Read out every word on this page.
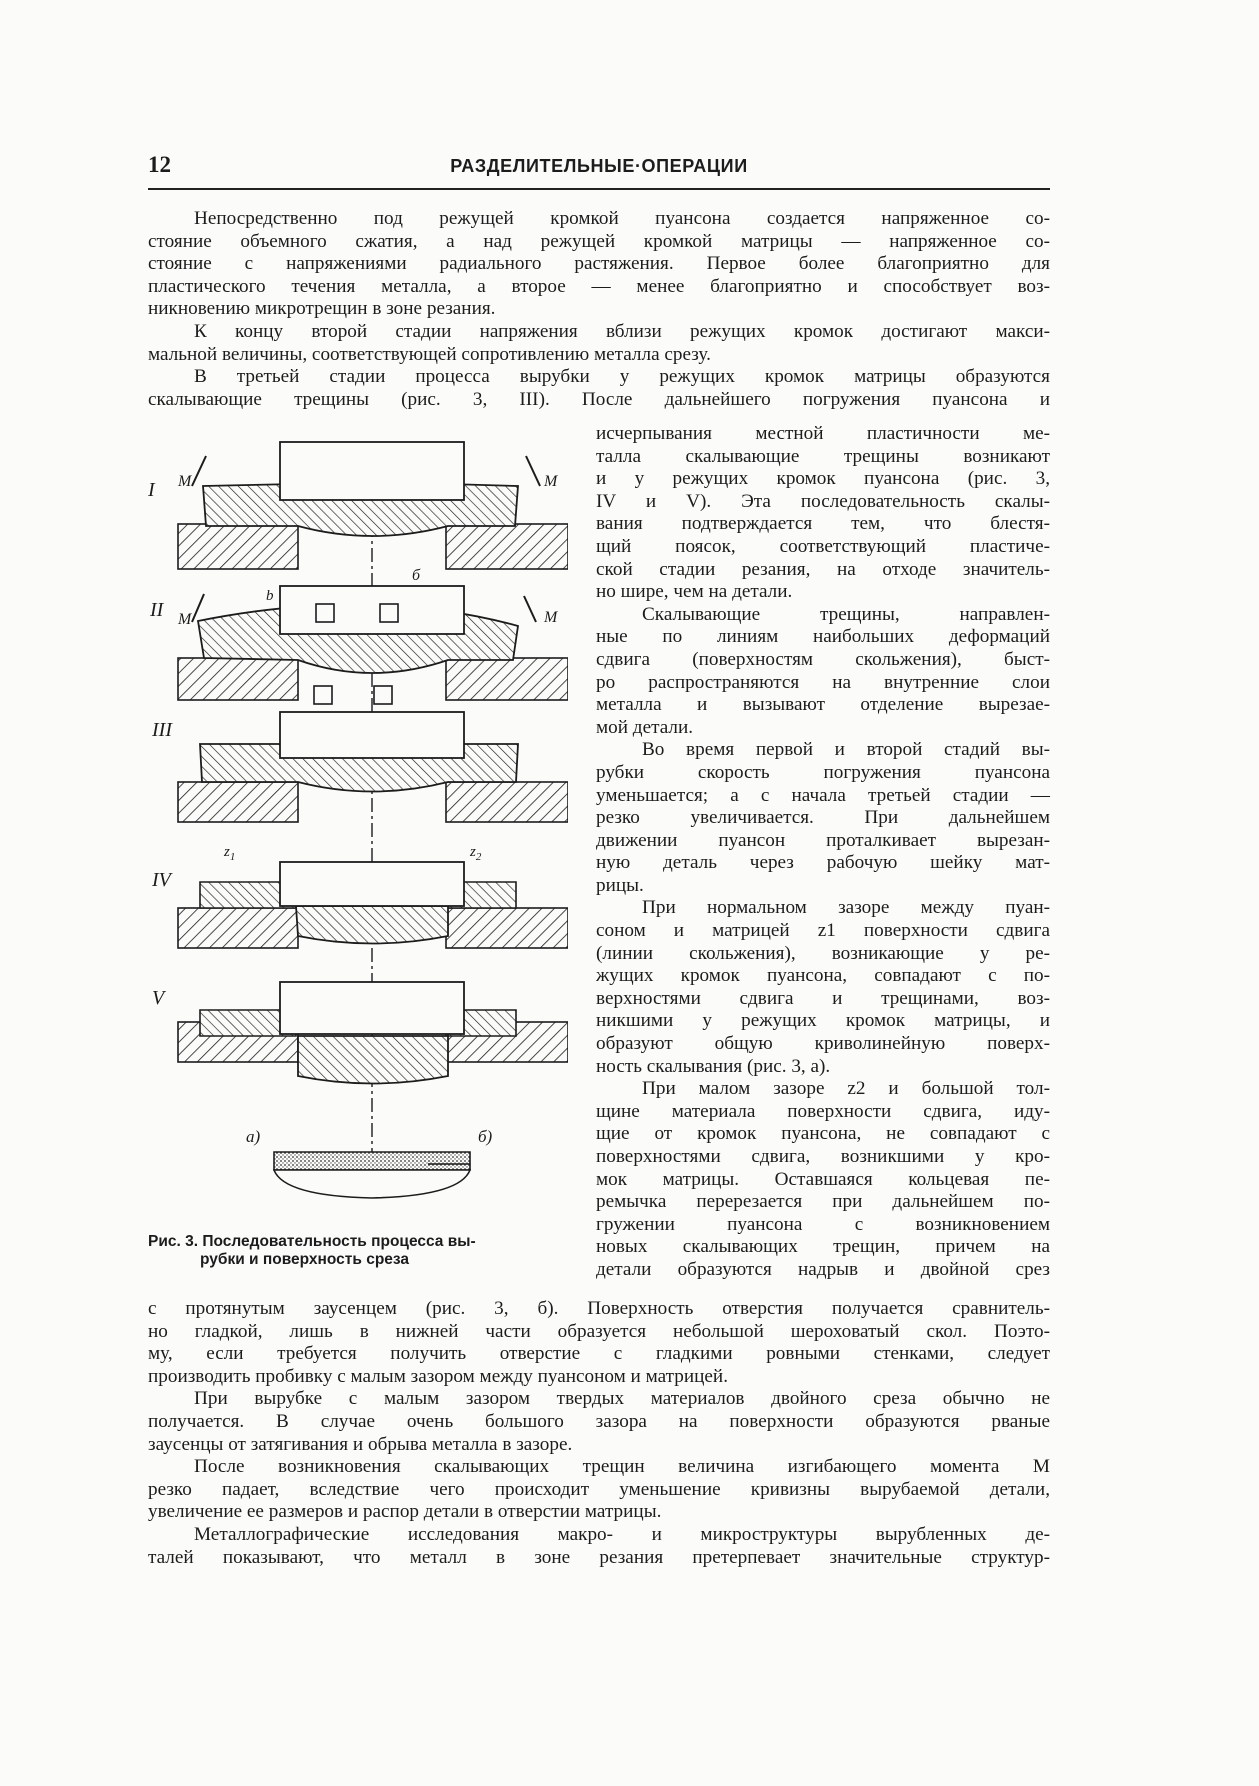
12	РАЗДЕЛИТЕЛЬНЫЕ·ОПЕРАЦИИ
Непосредственно под режущей кромкой пуансона создается напряженное со-
стояние объемного сжатия, а над режущей кромкой матрицы — напряженное со-
стояние с напряжениями радиального растяжения. Первое более благоприятно для
пластического течения металла, а второе — менее благоприятно и способствует воз-
никновению микротрещин в зоне резания.
К концу второй стадии напряжения вблизи режущих кромок достигают макси-
мальной величины, соответствующей сопротивлению металла срезу.
В третьей стадии процесса вырубки у режущих кромок матрицы образуются
скалывающие трещины (рис. 3, III). После дальнейшего погружения пуансона и
исчерпывания местной пластичности ме-
талла скалывающие трещины возникают
и у режущих кромок пуансона (рис. 3,
IV и V). Эта последовательность скалы-
вания подтверждается тем, что блестя-
щий поясок, соответствующий пластиче-
ской стадии резания, на отходе значитель-
но шире, чем на детали.
Скалывающие трещины, направлен-
ные по линиям наибольших деформаций
сдвига (поверхностям скольжения), быст-
ро распространяются на внутренние слои
металла и вызывают отделение вырезае-
мой детали.
Во время первой и второй стадий вы-
рубки скорость погружения пуансона
уменьшается; а с начала третьей стадии —
резко увеличивается. При дальнейшем
движении пуансон проталкивает вырезан-
ную деталь через рабочую шейку мат-
рицы.
При нормальном зазоре между пуан-
соном и матрицей z1 поверхности сдвига
(линии скольжения), возникающие у ре-
жущих кромок пуансона, совпадают с по-
верхностями сдвига и трещинами, воз-
никшими у режущих кромок матрицы, и
образуют общую криволинейную поверх-
ность скалывания (рис. 3, а).
При малом зазоре z2 и большой тол-
щине материала поверхности сдвига, иду-
щие от кромок пуансона, не совпадают с
поверхностями сдвига, возникшими у кро-
мок матрицы. Оставшаяся кольцевая пе-
ремычка перерезается при дальнейшем по-
гружении пуансона с возникновением
новых скалывающих трещин, причем на
детали образуются надрыв и двойной срез
Рис. 3. Последовательность процесса вы-
рубки и поверхность среза
с протянутым заусенцем (рис. 3, б). Поверхность отверстия получается сравнитель-
но гладкой, лишь в нижней части образуется небольшой шероховатый скол. Поэто-
му, если требуется получить отверстие с гладкими ровными стенками, следует
производить пробивку с малым зазором между пуансоном и матрицей.
При вырубке с малым зазором твердых материалов двойного среза обычно не
получается. В случае очень большого зазора на поверхности образуются рваные
заусенцы от затягивания и обрыва металла в зазоре.
После возникновения скалывающих трещин величина изгибающего момента M
резко падает, вследствие чего происходит уменьшение кривизны вырубаемой детали,
увеличение ее размеров и распор детали в отверстии матрицы.
Металлографические исследования макро- и микроструктуры вырубленных де-
талей показывают, что металл в зоне резания претерпевает значительные структур-
I M	M
II
b
б
M	M
III
IV
$z_1$	$z_2$
V
а)	б)
